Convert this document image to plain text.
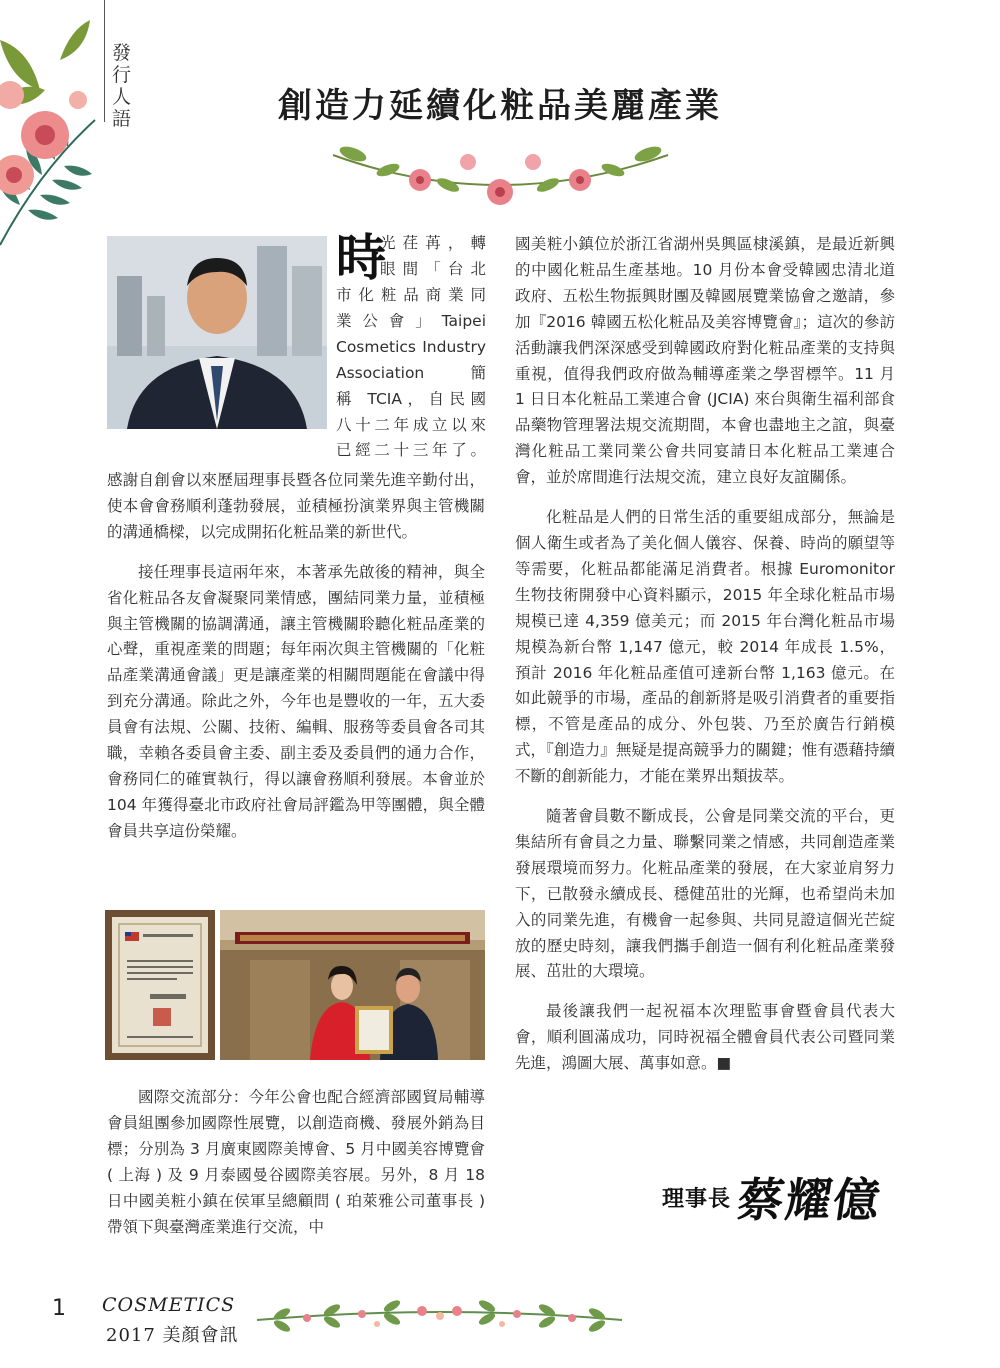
發
行
人
語	創造力延續化粧品美麗產業
時
光荏苒，轉
眼間「台北
市化粧品商業同
業公會」Taipei
Cosmetics Industry
Association 簡
稱 TCIA，自民國
八十二年成立以來
已經二十三年了。

感謝自創會以來歷屆理事長暨各位同業先進辛勤付出，使本會會務順利蓬勃發展，並積極扮演業界與主管機關的溝通橋樑，以完成開拓化粧品業的新世代。

接任理事長這兩年來，本著承先啟後的精神，與全省化粧品各友會凝聚同業情感，團結同業力量，並積極與主管機關的協調溝通，讓主管機關聆聽化粧品產業的心聲，重視產業的問題；每年兩次與主管機關的「化粧品產業溝通會議」更是讓產業的相關問題能在會議中得到充分溝通。除此之外，今年也是豐收的一年，五大委員會有法規、公關、技術、編輯、服務等委員會各司其職，幸賴各委員會主委、副主委及委員們的通力合作，會務同仁的確實執行，得以讓會務順利發展。本會並於 104 年獲得臺北市政府社會局評鑑為甲等團體，與全體會員共享這份榮耀。

國際交流部分：今年公會也配合經濟部國貿局輔導會員組團參加國際性展覽，以創造商機、發展外銷為目標；分別為 3 月廣東國際美博會、5 月中國美容博覽會 ( 上海 ) 及 9 月泰國曼谷國際美容展。另外，8 月 18 日中國美粧小鎮在侯軍呈總顧問 ( 珀萊雅公司董事長 ) 帶領下與臺灣產業進行交流，中

國美粧小鎮位於浙江省湖州吳興區棣溪鎮，是最近新興的中國化粧品生產基地。10 月份本會受韓國忠清北道政府、五松生物振興財團及韓國展覽業協會之邀請，參加『2016 韓國五松化粧品及美容博覽會』；這次的參訪活動讓我們深深感受到韓國政府對化粧品產業的支持與重視，值得我們政府做為輔導產業之學習標竿。11 月 1 日日本化粧品工業連合會 (JCIA) 來台與衛生福利部食品藥物管理署法規交流期間，本會也盡地主之誼，與臺灣化粧品工業同業公會共同宴請日本化粧品工業連合會，並於席間進行法規交流，建立良好友誼關係。

化粧品是人們的日常生活的重要組成部分，無論是個人衛生或者為了美化個人儀容、保養、時尚的願望等等需要，化粧品都能滿足消費者。根據 Euromonitor 生物技術開發中心資料顯示，2015 年全球化粧品市場規模已達 4,359 億美元；而 2015 年台灣化粧品市場規模為新台幣 1,147 億元，較 2014 年成長 1.5%，預計 2016 年化粧品產值可達新台幣 1,163 億元。在如此競爭的市場，產品的創新將是吸引消費者的重要指標，不管是產品的成分、外包裝、乃至於廣告行銷模式，『創造力』無疑是提高競爭力的關鍵；惟有憑藉持續不斷的創新能力，才能在業界出類拔萃。

隨著會員數不斷成長，公會是同業交流的平台，更集結所有會員之力量、聯繫同業之情感，共同創造產業發展環境而努力。化粧品產業的發展，在大家並肩努力下，已散發永續成長、穩健茁壯的光輝，也希望尚未加入的同業先進，有機會一起參與、共同見證這個光芒綻放的歷史時刻，讓我們攜手創造一個有利化粧品產業發展、茁壯的大環境。

最後讓我們一起祝福本次理監事會暨會員代表大會，順利圓滿成功，同時祝福全體會員代表公司暨同業先進，鴻圖大展、萬事如意。■

理事長 蔡耀億
1 COSMETICS
2017 美顏會訊
